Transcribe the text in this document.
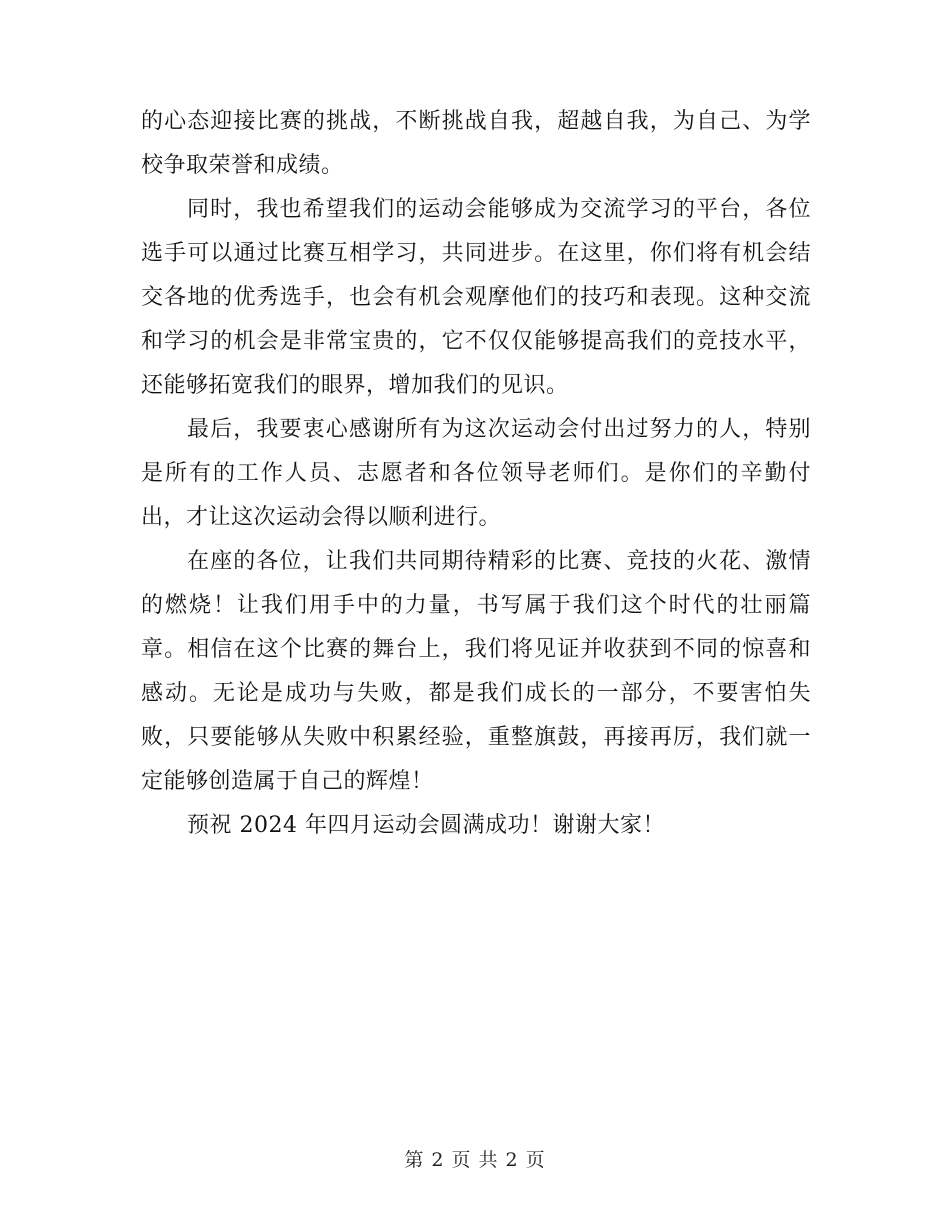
的心态迎接比赛的挑战，不断挑战自我，超越自我，为自己、为学校争取荣誉和成绩。

同时，我也希望我们的运动会能够成为交流学习的平台，各位选手可以通过比赛互相学习，共同进步。在这里，你们将有机会结交各地的优秀选手，也会有机会观摩他们的技巧和表现。这种交流和学习的机会是非常宝贵的，它不仅仅能够提高我们的竞技水平，还能够拓宽我们的眼界，增加我们的见识。

最后，我要衷心感谢所有为这次运动会付出过努力的人，特别是所有的工作人员、志愿者和各位领导老师们。是你们的辛勤付出，才让这次运动会得以顺利进行。

在座的各位，让我们共同期待精彩的比赛、竞技的火花、激情的燃烧！让我们用手中的力量，书写属于我们这个时代的壮丽篇章。相信在这个比赛的舞台上，我们将见证并收获到不同的惊喜和感动。无论是成功与失败，都是我们成长的一部分，不要害怕失败，只要能够从失败中积累经验，重整旗鼓，再接再厉，我们就一定能够创造属于自己的辉煌！

预祝 2024 年四月运动会圆满成功！谢谢大家！

第 2 页 共 2 页
